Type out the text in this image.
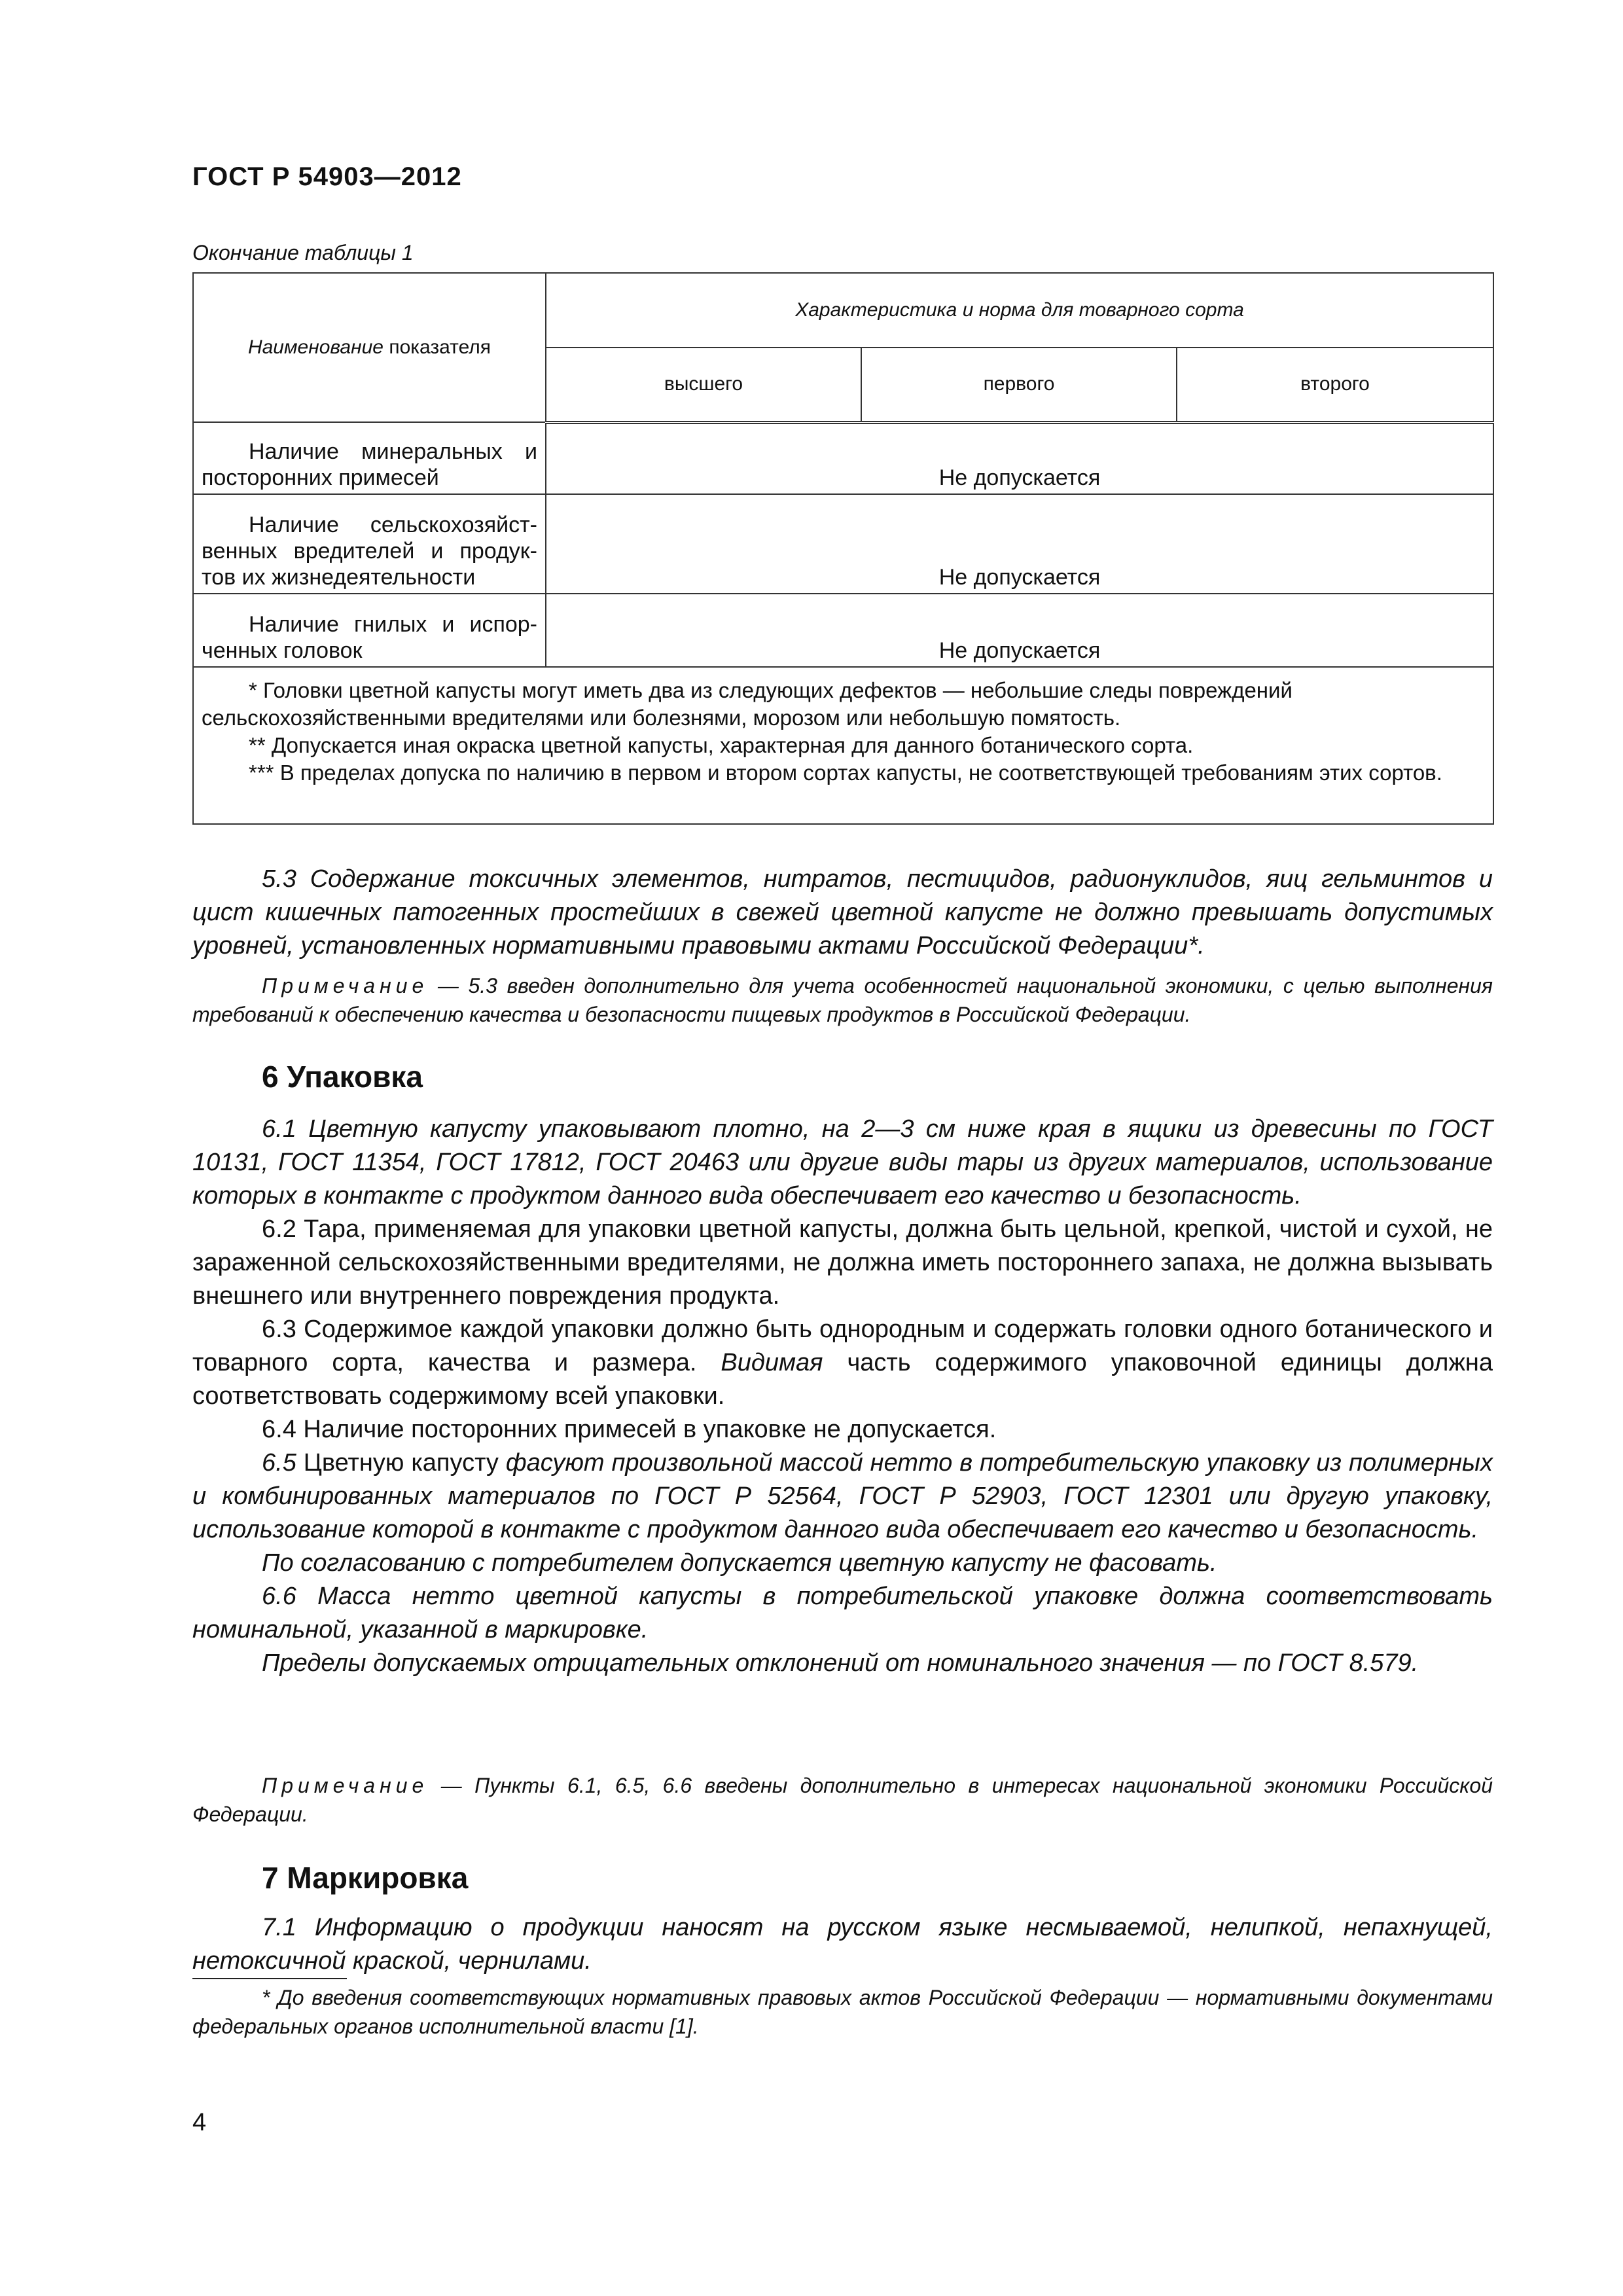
ГОСТ Р 54903—2012
Окончание таблицы 1
Наименование показателя	Характеристика и норма для товарного сорта		
	высшего	первого	второго

Наличие минеральных и посторонних примесей	Не допускается		

Наличие сельскохозяйст-венных вредителей и продук-тов их жизнедеятельности	Не допускается		

Наличие гнилых и испор-ченных головок	Не допускается		

* Головки цветной капусты могут иметь два из следующих дефектов — небольшие следы повреждений сельскохозяйственными вредителями или болезнями, морозом или небольшую помятость.

** Допускается иная окраска цветной капусты, характерная для данного ботанического сорта.

*** В пределах допуска по наличию в первом и втором сортах капусты, не соответствующей требованиям этих сортов.			

5.3 Содержание токсичных элементов, нитратов, пестицидов, радионуклидов, яиц гельминтов и цист кишечных патогенных простейших в свежей цветной капусте не должно превышать допустимых уровней, установленных нормативными правовыми актами Российской Федерации*.

Примечание — 5.3 введен дополнительно для учета особенностей национальной экономики, с целью выполнения требований к обеспечению качества и безопасности пищевых продуктов в Российской Федерации.

6 Упаковка

6.1 Цветную капусту упаковывают плотно, на 2—3 см ниже края в ящики из древесины по ГОСТ 10131, ГОСТ 11354, ГОСТ 17812, ГОСТ 20463 или другие виды тары из других материалов, использование которых в контакте с продуктом данного вида обеспечивает его качество и безопасность.

6.2 Тара, применяемая для упаковки цветной капусты, должна быть цельной, крепкой, чистой и сухой, не зараженной сельскохозяйственными вредителями, не должна иметь постороннего запаха, не должна вызывать внешнего или внутреннего повреждения продукта.

6.3 Содержимое каждой упаковки должно быть однородным и содержать головки одного ботанического и товарного сорта, качества и размера. Видимая часть содержимого упаковочной единицы должна соответствовать содержимому всей упаковки.

6.4 Наличие посторонних примесей в упаковке не допускается.

6.5 Цветную капусту фасуют произвольной массой нетто в потребительскую упаковку из полимерных и комбинированных материалов по ГОСТ Р 52564, ГОСТ Р 52903, ГОСТ 12301 или другую упаковку, использование которой в контакте с продуктом данного вида обеспечивает его качество и безопасность.

По согласованию с потребителем допускается цветную капусту не фасовать.

6.6 Масса нетто цветной капусты в потребительской упаковке должна соответствовать номинальной, указанной в маркировке.

Пределы допускаемых отрицательных отклонений от номинального значения — по ГОСТ 8.579.

Примечание — Пункты 6.1, 6.5, 6.6 введены дополнительно в интересах национальной экономики Российской Федерации.

7 Маркировка

7.1 Информацию о продукции наносят на русском языке несмываемой, нелипкой, непахнущей, нетоксичной краской, чернилами.

* До введения соответствующих нормативных правовых актов Российской Федерации — нормативными документами федеральных органов исполнительной власти [1].

4
